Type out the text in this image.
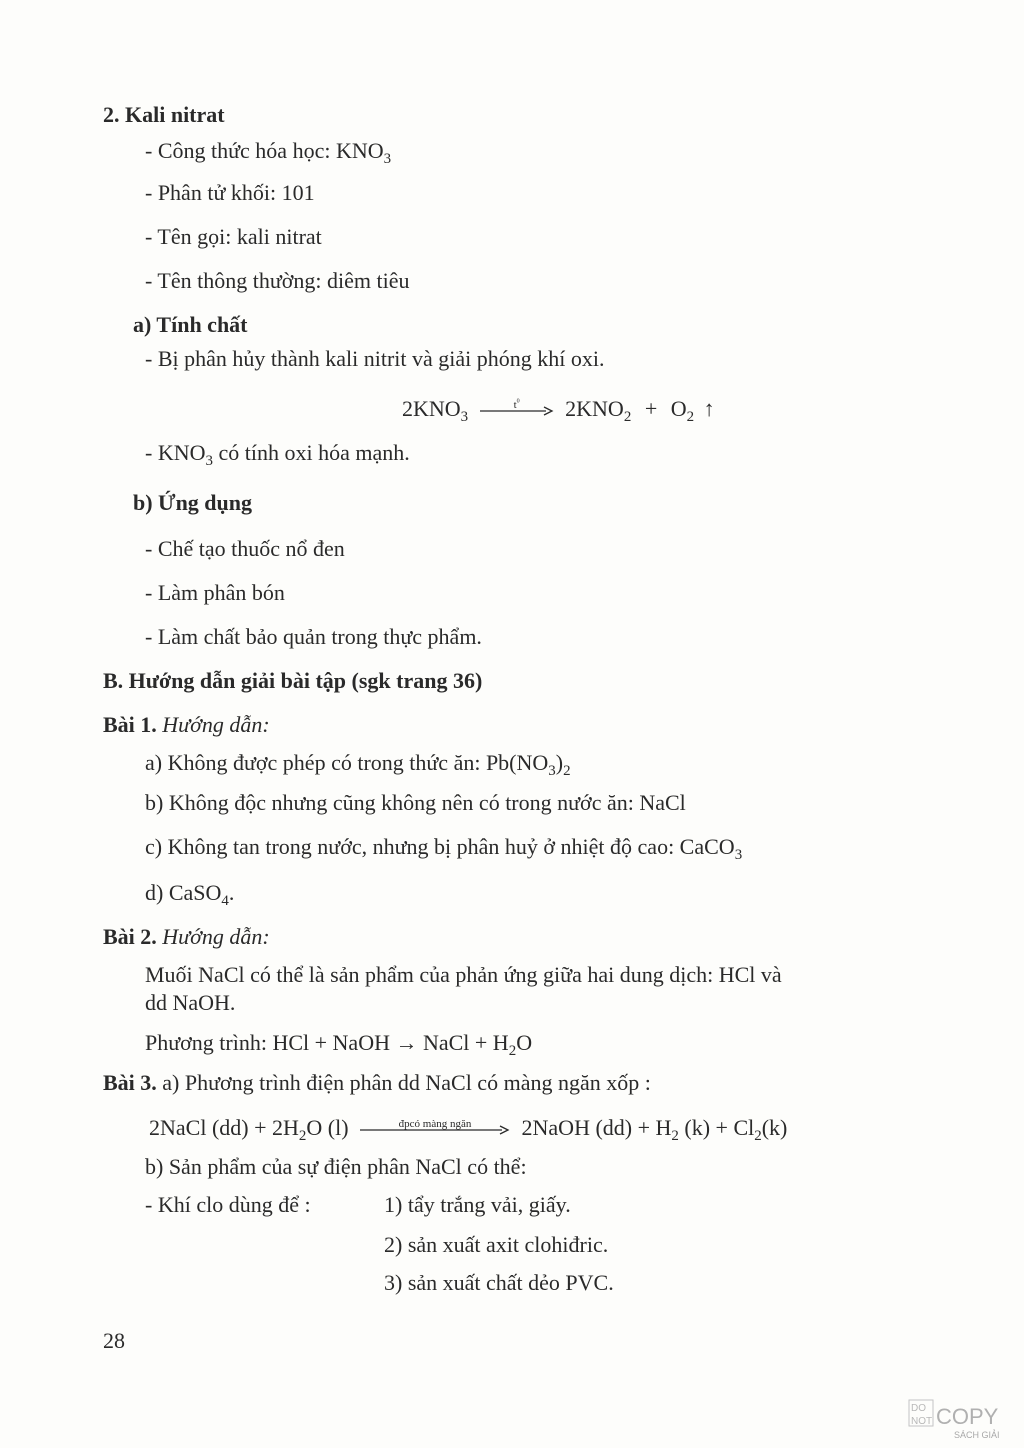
2. Kali nitrat
- Công thức hóa học: $KNO_3$
- Phân tử khối: 101
- Tên gọi: kali nitrat
- Tên thông thường: diêm tiêu
a) Tính chất
- Bị phân hủy thành kali nitrit và giải phóng khí oxi.
$2KNO_3$
$t^0$	$2KNO_2 + O_2$ ↑
- $KNO_3$ có tính oxi hóa mạnh.
b) Ứng dụng
- Chế tạo thuốc nổ đen
- Làm phân bón
- Làm chất bảo quản trong thực phẩm.
B. Hướng dẫn giải bài tập (sgk trang 36)
Bài 1. Hướng dẫn:
a) Không được phép có trong thức ăn: $Pb(NO_3)_2$
b) Không độc nhưng cũng không nên có trong nước ăn: NaCl
c) Không tan trong nước, nhưng bị phân huỷ ở nhiệt độ cao: CaCO$_3$
d) CaSO$_4$.
Bài 2. Hướng dẫn:
Muối NaCl có thể là sản phẩm của phản ứng giữa hai dung dịch: HCl và
dd NaOH.
Phương trình: HCl + NaOH → NaCl + $H_2O$
Bài 3. a) Phương trình điện phân dd NaCl có màng ngăn xốp :
2NaCl $(dd) + 2H_2O$ (l)	đpcó màng ngăn	2NaOH $(dd) + H_2$ $(k) + Cl_2(k)$
b) Sản phẩm của sự điện phân NaCl có thể:
- Khí clo dùng để :	1) tẩy trắng vải, giấy.
2) sản xuất axit clohiđric.
3) sản xuất chất dẻo PVC.
28
DO
NOT COPY
SÁCH GIẢI
